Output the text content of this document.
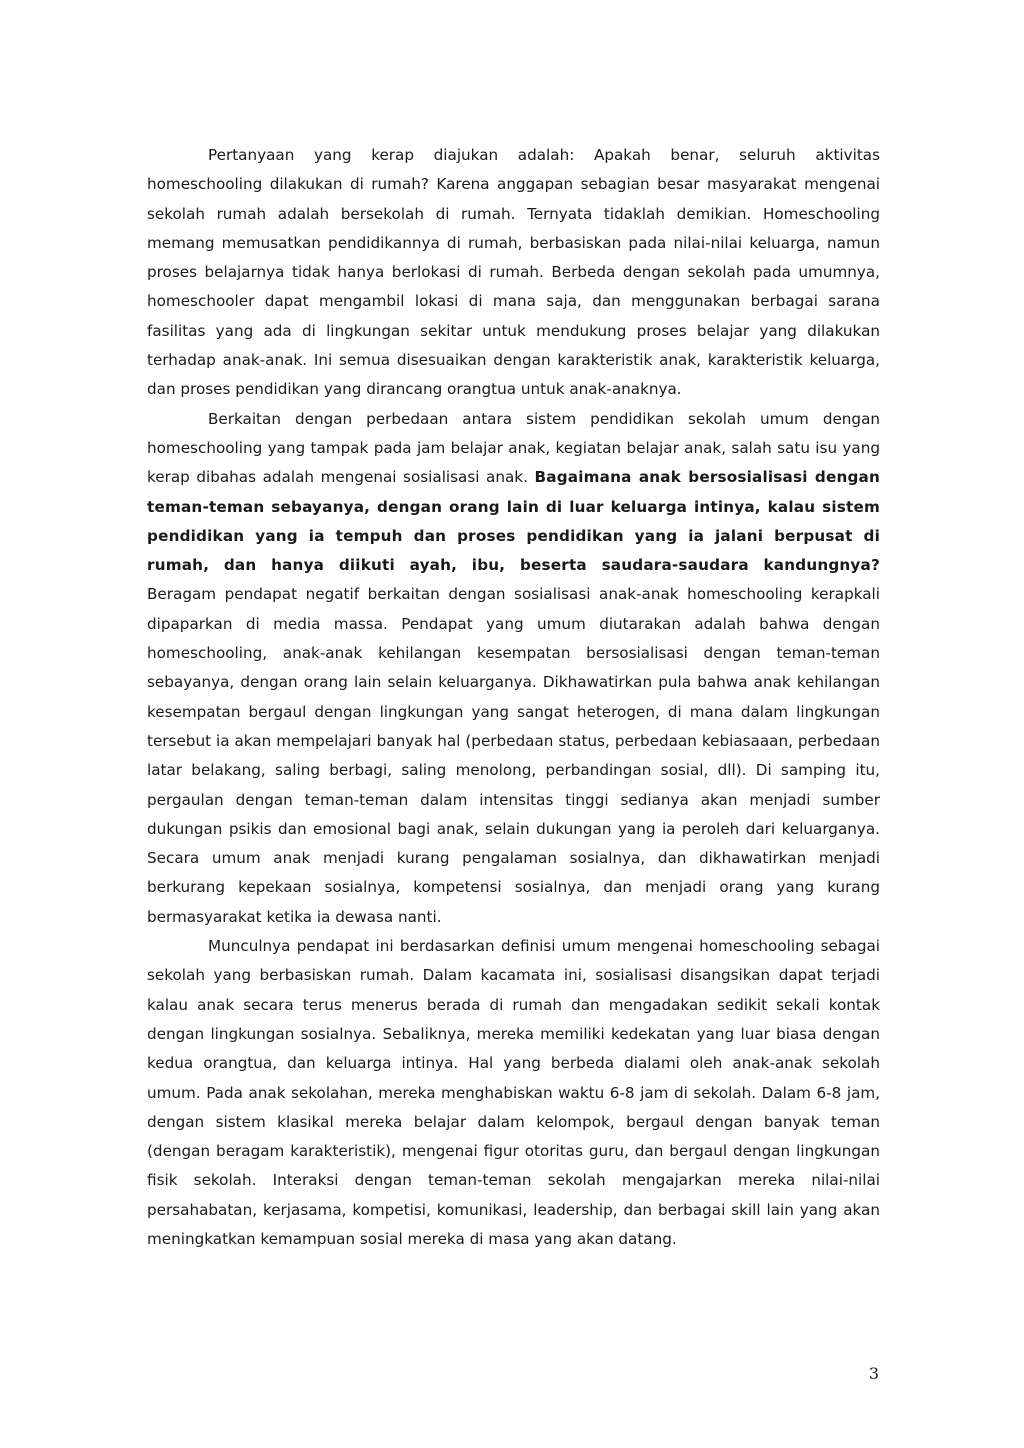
Pertanyaan yang kerap diajukan adalah: Apakah benar, seluruh aktivitas homeschooling dilakukan di rumah? Karena anggapan sebagian besar masyarakat mengenai sekolah rumah adalah bersekolah di rumah. Ternyata tidaklah demikian. Homeschooling memang memusatkan pendidikannya di rumah, berbasiskan pada nilai-nilai keluarga, namun proses belajarnya tidak hanya berlokasi di rumah. Berbeda dengan sekolah pada umumnya, homeschooler dapat mengambil lokasi di mana saja, dan menggunakan berbagai sarana fasilitas yang ada di lingkungan sekitar untuk mendukung proses belajar yang dilakukan terhadap anak-anak. Ini semua disesuaikan dengan karakteristik anak, karakteristik keluarga, dan proses pendidikan yang dirancang orangtua untuk anak-anaknya.

Berkaitan dengan perbedaan antara sistem pendidikan sekolah umum dengan homeschooling yang tampak pada jam belajar anak, kegiatan belajar anak, salah satu isu yang kerap dibahas adalah mengenai sosialisasi anak. Bagaimana anak bersosialisasi dengan teman-teman sebayanya, dengan orang lain di luar keluarga intinya, kalau sistem pendidikan yang ia tempuh dan proses pendidikan yang ia jalani berpusat di rumah, dan hanya diikuti ayah, ibu, beserta saudara-saudara kandungnya? Beragam pendapat negatif berkaitan dengan sosialisasi anak-anak homeschooling kerapkali dipaparkan di media massa. Pendapat yang umum diutarakan adalah bahwa dengan homeschooling, anak-anak kehilangan kesempatan bersosialisasi dengan teman-teman sebayanya, dengan orang lain selain keluarganya. Dikhawatirkan pula bahwa anak kehilangan kesempatan bergaul dengan lingkungan yang sangat heterogen, di mana dalam lingkungan tersebut ia akan mempelajari banyak hal (perbedaan status, perbedaan kebiasaaan, perbedaan latar belakang, saling berbagi, saling menolong, perbandingan sosial, dll). Di samping itu, pergaulan dengan teman-teman dalam intensitas tinggi sedianya akan menjadi sumber dukungan psikis dan emosional bagi anak, selain dukungan yang ia peroleh dari keluarganya. Secara umum anak menjadi kurang pengalaman sosialnya, dan dikhawatirkan menjadi berkurang kepekaan sosialnya, kompetensi sosialnya, dan menjadi orang yang kurang bermasyarakat ketika ia dewasa nanti.

Munculnya pendapat ini berdasarkan definisi umum mengenai homeschooling sebagai sekolah yang berbasiskan rumah. Dalam kacamata ini, sosialisasi disangsikan dapat terjadi kalau anak secara terus menerus berada di rumah dan mengadakan sedikit sekali kontak dengan lingkungan sosialnya. Sebaliknya, mereka memiliki kedekatan yang luar biasa dengan kedua orangtua, dan keluarga intinya. Hal yang berbeda dialami oleh anak-anak sekolah umum. Pada anak sekolahan, mereka menghabiskan waktu 6-8 jam di sekolah. Dalam 6-8 jam, dengan sistem klasikal mereka belajar dalam kelompok, bergaul dengan banyak teman (dengan beragam karakteristik), mengenai figur otoritas guru, dan bergaul dengan lingkungan fisik sekolah. Interaksi dengan teman-teman sekolah mengajarkan mereka nilai-nilai persahabatan, kerjasama, kompetisi, komunikasi, leadership, dan berbagai skill lain yang akan meningkatkan kemampuan sosial mereka di masa yang akan datang.

3
